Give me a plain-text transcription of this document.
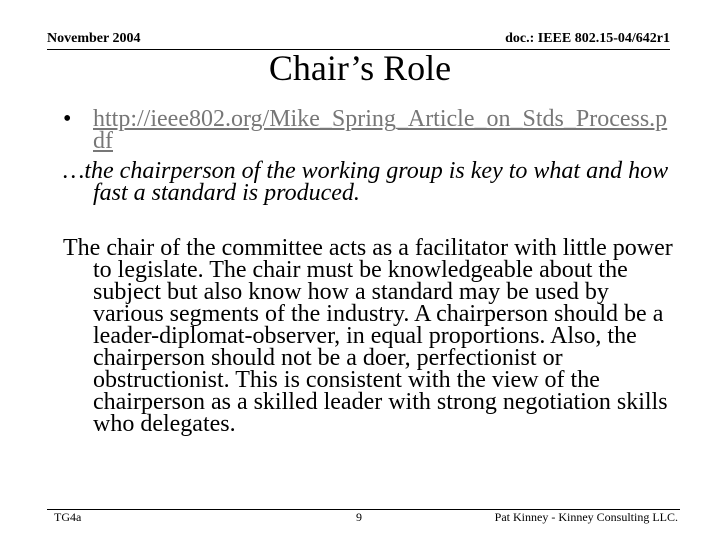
November 2004	doc.: IEEE 802.15-04/642r1
Chair’s Role
• http://ieee802.org/Mike_Spring_Article_on_Stds_Process.pdf
…the chairperson of the working group is key to what and how fast a standard is produced.
The chair of the committee acts as a facilitator with little power to legislate. The chair must be knowledgeable about the subject but also know how a standard may be used by various segments of the industry. A chairperson should be a leader-diplomat-observer, in equal proportions. Also, the chairperson should not be a doer, perfectionist or obstructionist. This is consistent with the view of the chairperson as a skilled leader with strong negotiation skills who delegates.
TG4a	9	Pat Kinney - Kinney Consulting LLC.
